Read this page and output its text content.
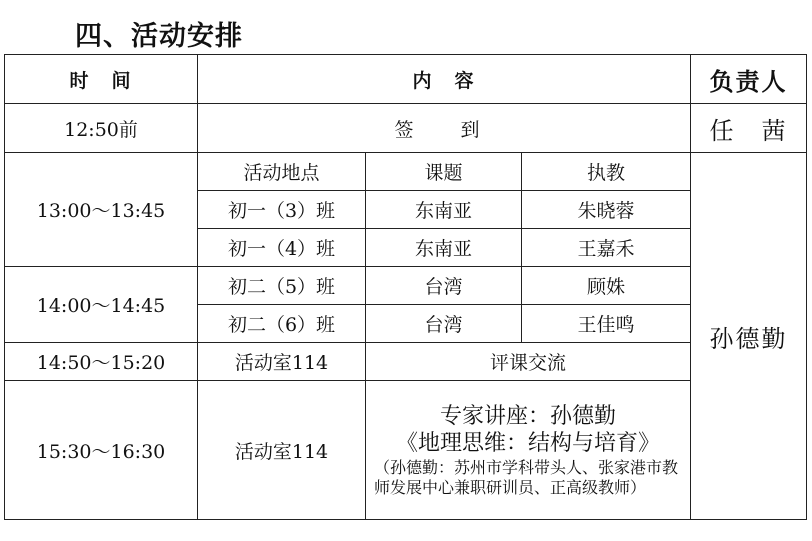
四、活动安排
时　间	内　容			负责人
12:50前	签　到			任　茜
13:00～13:45	活动地点	课题	执教	孙德勤
	初一（3）班	东南亚	朱晓蓉	
	初一（4）班	东南亚	王嘉禾	
14:00～14:45	初二（5）班	台湾	顾姝	
	初二（6）班	台湾	王佳鸣	
14:50～15:20	活动室114	评课交流		
15:30～16:30	活动室114	专家讲座：孙德勤
《地理思维：结构与培育》
（孙德勤：苏州市学科带头人、张家港市教师发展中心兼职研训员、正高级教师）		
